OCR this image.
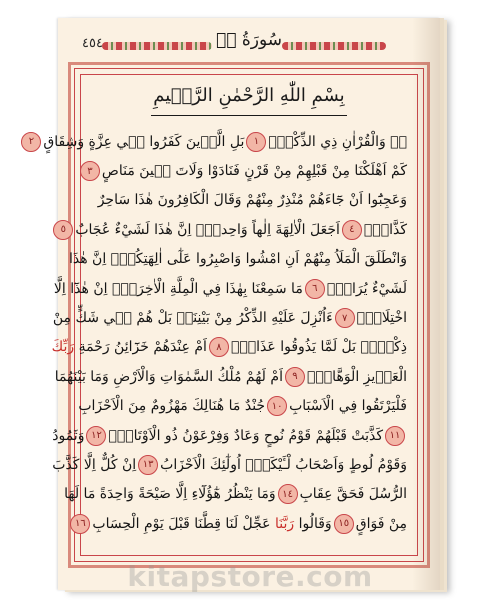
سُورَةُ صۤ
٤٥٤
بِسْمِ اللّٰهِ الرَّحْمٰنِ الرَّح۪يمِ
صۤ وَالْقُرْاٰنِ ذِي الذِّكْرِۜ
١
بَلِ الَّذ۪ينَ كَفَرُوا ف۪ي عِزَّةٍ وَشِقَاقٍ
٢
كَمْ اَهْلَكْنَا مِنْ قَبْلِهِمْ مِنْ قَرْنٍ فَنَادَوْا وَلَاتَ ح۪ينَ مَنَاصٍ
٣
وَعَجِبُٓوا اَنْ جَٓاءَهُمْ مُنْذِرٌ مِنْهُمْ وَقَالَ الْكَافِرُونَ هٰذَا سَاحِرٌ
كَذَّابٌۚ
٤
اَجَعَلَ الْاٰلِهَةَ اِلٰهاً وَاحِداًۚ اِنَّ هٰذَا لَشَيْءٌ عُجَابٌ
٥
وَانْطَلَقَ الْمَلَاُ مِنْهُمْ اَنِ امْشُوا وَاصْبِرُوا عَلٰٓى اٰلِهَتِكُمْۚ اِنَّ هٰذَا
لَشَيْءٌ يُرَادُۚ
٦
مَا سَمِعْنَا بِهٰذَا فِي الْمِلَّةِ الْاٰخِرَةِۚ اِنْ هٰذَٓا اِلَّا
اخْتِلَاقٌۚ
٧
ءَاُنْزِلَ عَلَيْهِ الذِّكْرُ مِنْ بَيْنِنَاۜ بَلْ هُمْ ف۪ي شَكٍّ مِنْ
ذِكْر۪يۚ بَلْ لَمَّا يَذُوقُوا عَذَابِۜ
٨
اَمْ عِنْدَهُمْ خَزَٓائِنُ رَحْمَةِ رَبِّكَ
الْعَز۪يزِ الْوَهَّابِۚ
٩
اَمْ لَهُمْ مُلْكُ السَّمٰوَاتِ وَالْاَرْضِ وَمَا بَيْنَهُمَا
فَلْيَرْتَقُوا فِي الْاَسْبَابِ
١٠
جُنْدٌ مَا هُنَالِكَ مَهْزُومٌ مِنَ الْاَحْزَابِ
١١
كَذَّبَتْ قَبْلَهُمْ قَوْمُ نُوحٍ وَعَادٌ وَفِرْعَوْنُ ذُو الْاَوْتَادِۙ
١٢
وَثَمُودُ
وَقَوْمُ لُوطٍ وَاَصْحَابُ لْـَٔيْكَةِۜ اُولٰٓئِكَ الْاَحْزَابُ
١٣
اِنْ كُلٌّ اِلَّا كَذَّبَ
الرُّسُلَ فَحَقَّ عِقَابِ
١٤
وَمَا يَنْظُرُ هٰٓؤُلَٓاءِ اِلَّا صَيْحَةً وَاحِدَةً مَا لَهَا
مِنْ فَوَاقٍ
١٥
وَقَالُوا رَبَّنَا عَجِّلْ لَنَا قِطَّنَا قَبْلَ يَوْمِ الْحِسَابِ
١٦
kitapstore.com
